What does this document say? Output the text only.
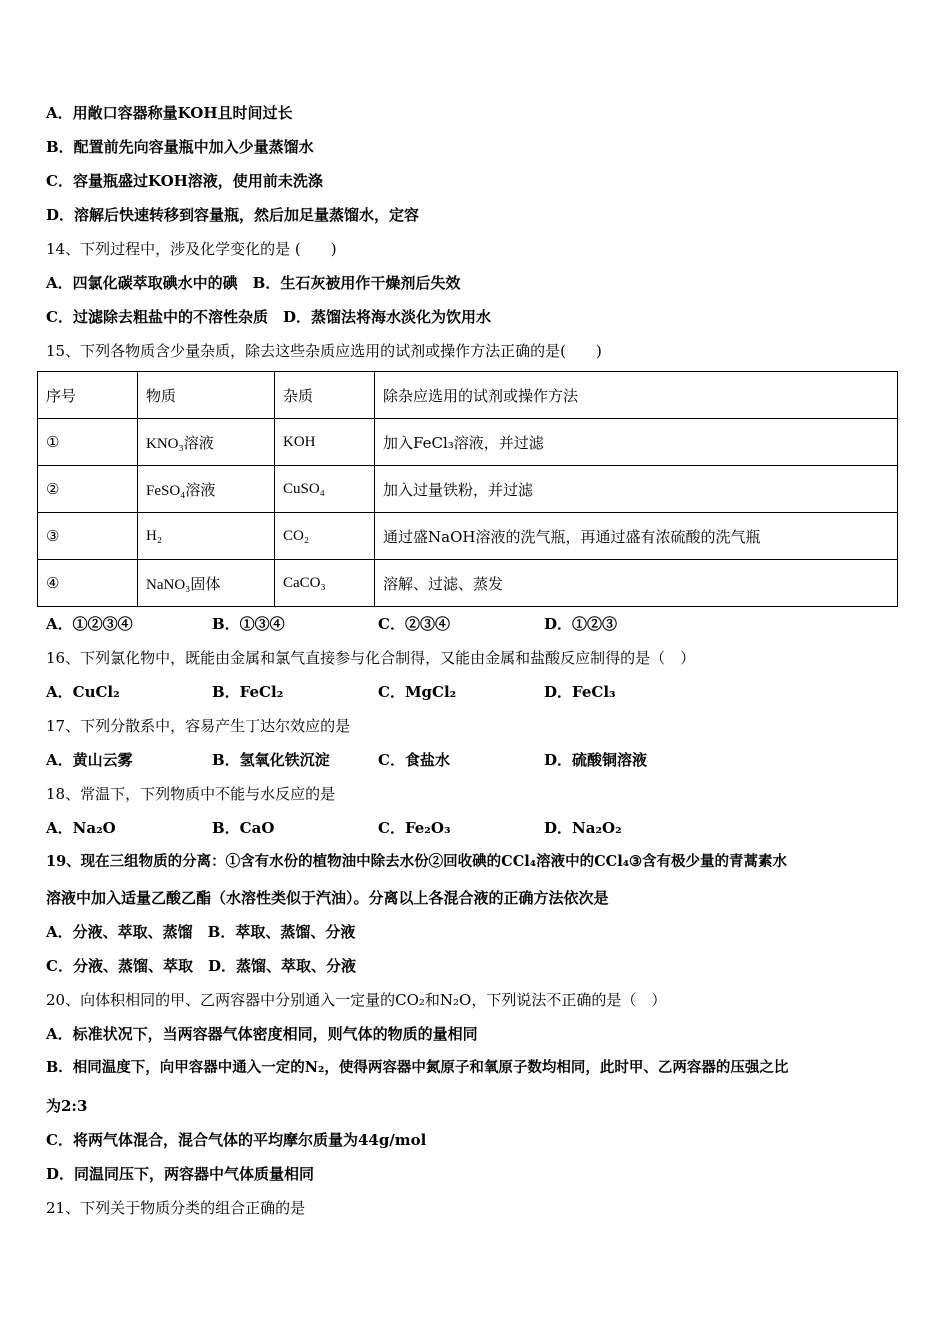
A．用敞口容器称量KOH且时间过长
B．配置前先向容量瓶中加入少量蒸馏水
C．容量瓶盛过KOH溶液，使用前未洗涤
D．溶解后快速转移到容量瓶，然后加足量蒸馏水，定容
14、下列过程中，涉及化学变化的是 (　　)
A．四氯化碳萃取碘水中的碘　B．生石灰被用作干燥剂后失效
C．过滤除去粗盐中的不溶性杂质　D．蒸馏法将海水淡化为饮用水
15、下列各物质含少量杂质，除去这些杂质应选用的试剂或操作方法正确的是(　　)
A．①②③④	B．①③④	C．②③④	D．①②③
16、下列氯化物中，既能由金属和氯气直接参与化合制得，又能由金属和盐酸反应制得的是（　）
A．CuCl₂	B．FeCl₂	C．MgCl₂	D．FeCl₃
17、下列分散系中，容易产生丁达尔效应的是
A．黄山云雾	B．氢氧化铁沉淀	C．食盐水	D．硫酸铜溶液
18、常温下，下列物质中不能与水反应的是
A．Na₂O	B．CaO	C．Fe₂O₃	D．Na₂O₂
19、现在三组物质的分离：①含有水份的植物油中除去水份②回收碘的CCl₄溶液中的CCl₄③含有极少量的青蒿素水
溶液中加入适量乙酸乙酯（水溶性类似于汽油）。分离以上各混合液的正确方法依次是
A．分液、萃取、蒸馏　B．萃取、蒸馏、分液
C．分液、蒸馏、萃取　D．蒸馏、萃取、分液
20、向体积相同的甲、乙两容器中分别通入一定量的CO₂和N₂O，下列说法不正确的是（　）
A．标准状况下，当两容器气体密度相同，则气体的物质的量相同
B．相同温度下，向甲容器中通入一定的N₂，使得两容器中氮原子和氧原子数均相同，此时甲、乙两容器的压强之比
为2:3
C．将两气体混合，混合气体的平均摩尔质量为44g/mol
D．同温同压下，两容器中气体质量相同
21、下列关于物质分类的组合正确的是
序号	物质	杂质	除杂应选用的试剂或操作方法
①	KNO₃溶液	KOH	加入FeCl₃溶液，并过滤
②	FeSO₄溶液	CuSO₄	加入过量铁粉，并过滤
③	H₂	CO₂	通过盛NaOH溶液的洗气瓶，再通过盛有浓硫酸的洗气瓶
④	NaNO₃固体	CaCO₃	溶解、过滤、蒸发
